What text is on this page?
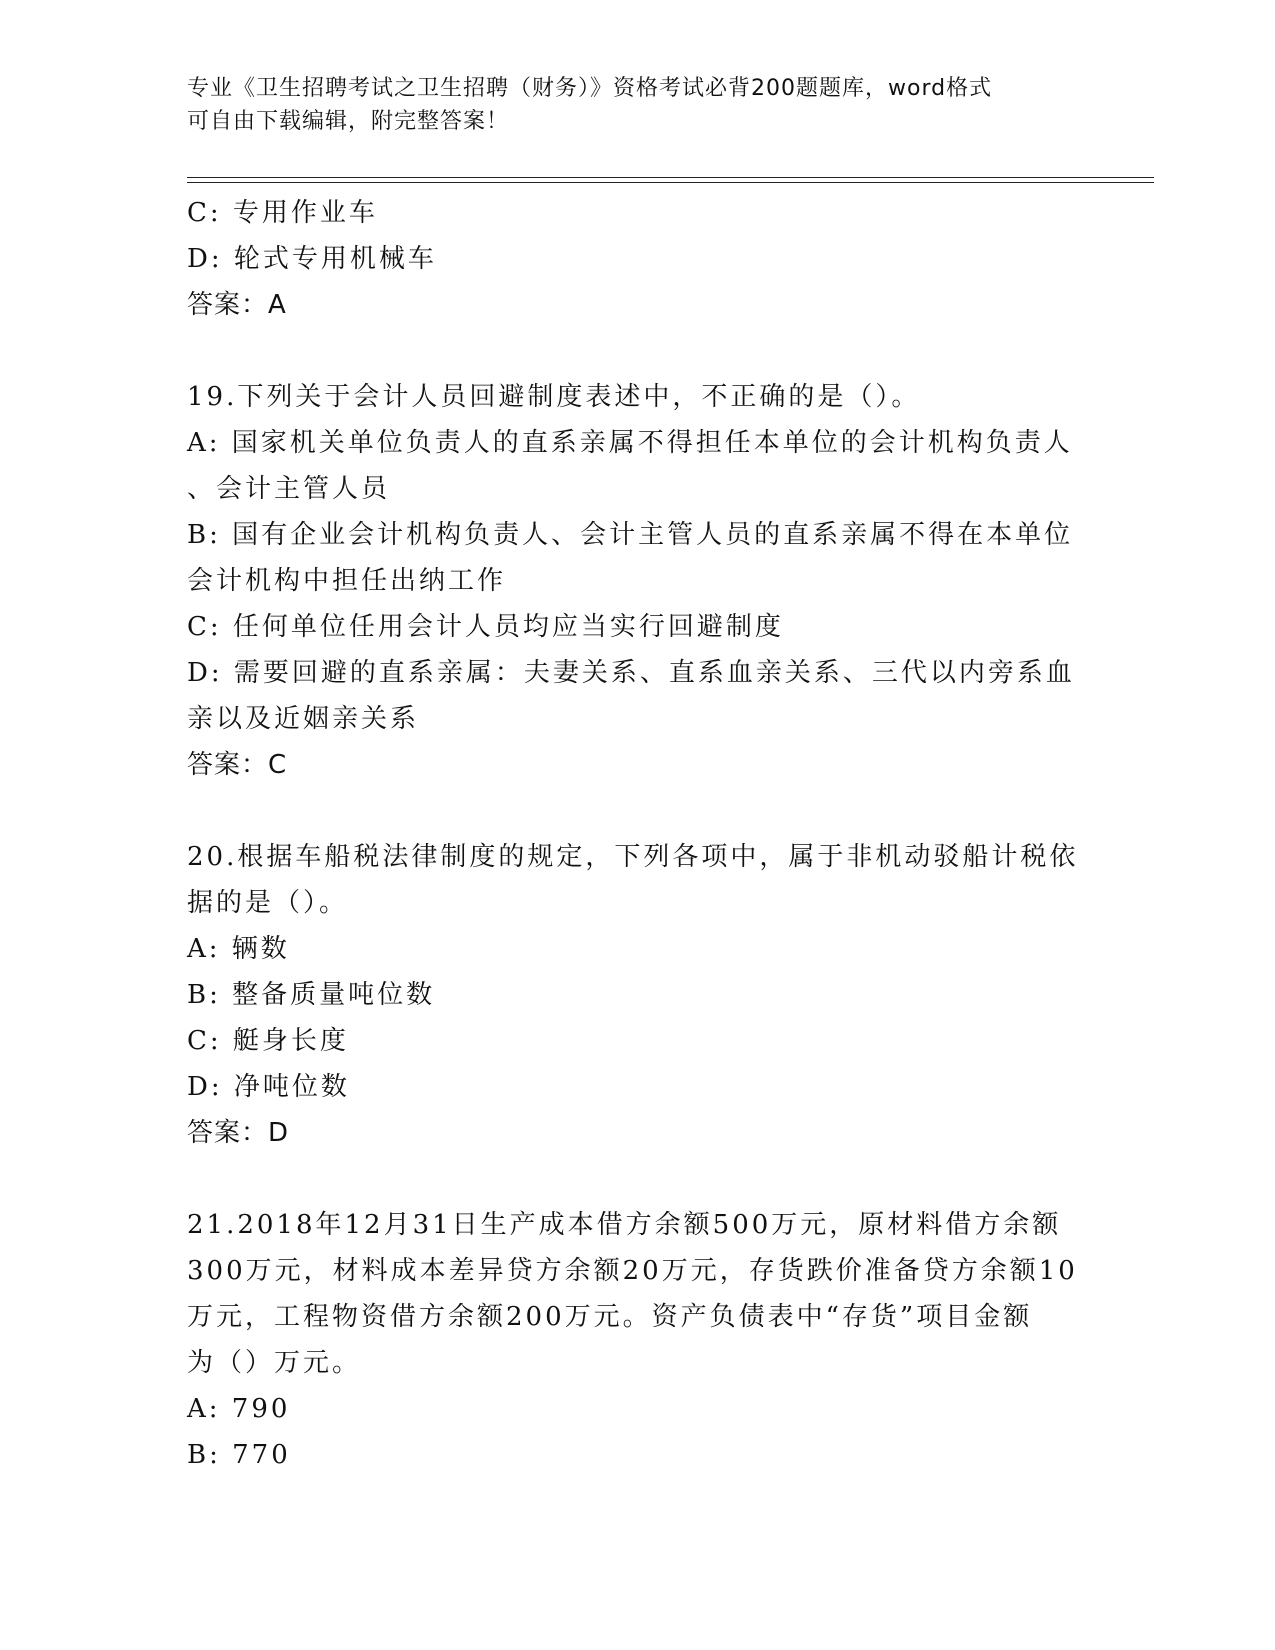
专业《卫生招聘考试之卫生招聘（财务）》资格考试必背200题题库，word格式
可自由下载编辑，附完整答案！
C: 专用作业车
D: 轮式专用机械车
答案：A
19.下列关于会计人员回避制度表述中，不正确的是（）。
A: 国家机关单位负责人的直系亲属不得担任本单位的会计机构负责人
、会计主管人员
B: 国有企业会计机构负责人、会计主管人员的直系亲属不得在本单位
会计机构中担任出纳工作
C: 任何单位任用会计人员均应当实行回避制度
D: 需要回避的直系亲属：夫妻关系、直系血亲关系、三代以内旁系血
亲以及近姻亲关系
答案：C
20.根据车船税法律制度的规定，下列各项中，属于非机动驳船计税依
据的是（）。
A: 辆数
B: 整备质量吨位数
C: 艇身长度
D: 净吨位数
答案：D
21.2018年12月31日生产成本借方余额500万元，原材料借方余额
300万元，材料成本差异贷方余额20万元，存货跌价准备贷方余额10
万元，工程物资借方余额200万元。资产负债表中“存货”项目金额
为（）万元。
A: 790
B: 770
